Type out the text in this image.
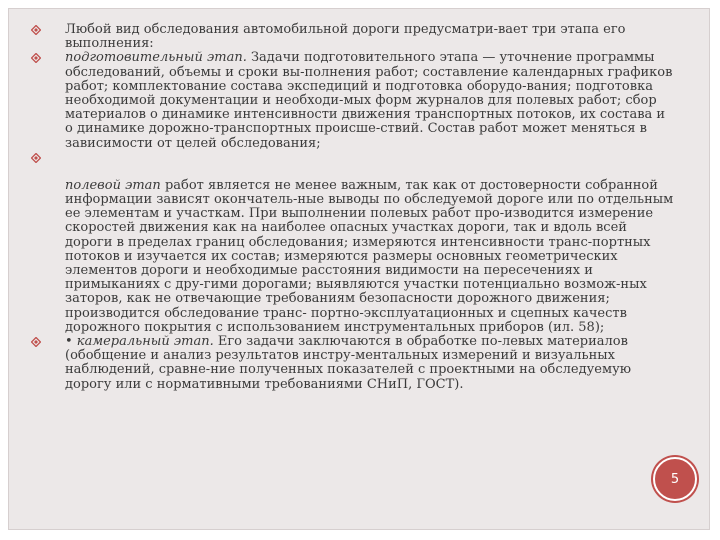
Любой вид обследования автомобильной дороги предусматри-вает три этапа его выполнения:
подготовительный этап. Задачи подготовительного этапа — уточнение программы обследований, объемы и сроки вы-полнения работ; составление календарных графиков работ; комплектование состава экспедиций и подготовка оборудо-вания; подготовка необходимой документации и необходи-мых форм журналов для полевых работ; сбор материалов о динамике интенсивности движения транспортных потоков, их состава и о динамике дорожно-транспортных происше-ствий. Состав работ может меняться в зависимости от целей обследования;
полевой этап работ является не менее важным, так как от достоверности собранной информации зависят окончатель-ные выводы по обследуемой дороге или по отдельным ее элементам и участкам. При выполнении полевых работ про-изводится измерение скоростей движения как на наиболее опасных участках дороги, так и вдоль всей дороги в пределах границ обследования; измеряются интенсивности транс-портных потоков и изучается их состав; измеряются размеры основных геометрических элементов дороги и необходимые расстояния видимости на пересечениях и примыканиях с дру-гими дорогами; выявляются участки потенциально возмож-ных заторов, как не отвечающие требованиям безопасности дорожного движения; производится обследование транс- портно-эксплуатационных и сцепных качеств дорожного покрытия с использованием инструментальных приборов (ил. 58);
• камеральный этап. Его задачи заключаются в обработке по-левых материалов (обобщение и анализ результатов инстру-ментальных измерений и визуальных наблюдений, сравне-ние полученных показателей с проектными на обследуемую дорогу или с нормативными требованиями СНиП, ГОСТ).
5
